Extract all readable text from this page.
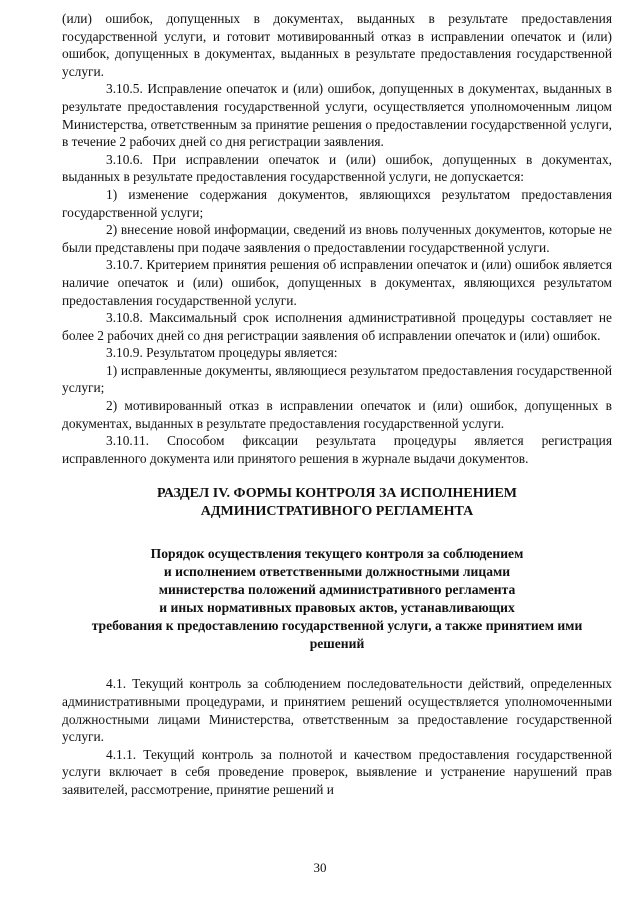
(или) ошибок, допущенных в документах, выданных в результате предоставления государственной услуги, и готовит мотивированный отказ в исправлении опечаток и (или) ошибок, допущенных в документах, выданных в результате предоставления государственной услуги.

3.10.5. Исправление опечаток и (или) ошибок, допущенных в документах, выданных в результате предоставления государственной услуги, осуществляется уполномоченным лицом Министерства, ответственным за принятие решения о предоставлении государственной услуги, в течение 2 рабочих дней со дня регистрации заявления.

3.10.6. При исправлении опечаток и (или) ошибок, допущенных в документах, выданных в результате предоставления государственной услуги, не допускается:

1) изменение содержания документов, являющихся результатом предоставления государственной услуги;

2) внесение новой информации, сведений из вновь полученных документов, которые не были представлены при подаче заявления о предоставлении государственной услуги.

3.10.7. Критерием принятия решения об исправлении опечаток и (или) ошибок является наличие опечаток и (или) ошибок, допущенных в документах, являющихся результатом предоставления государственной услуги.

3.10.8. Максимальный срок исполнения административной процедуры составляет не более 2 рабочих дней со дня регистрации заявления об исправлении опечаток и (или) ошибок.

3.10.9. Результатом процедуры является:

1) исправленные документы, являющиеся результатом предоставления государственной услуги;

2) мотивированный отказ в исправлении опечаток и (или) ошибок, допущенных в документах, выданных в результате предоставления государственной услуги.

3.10.11. Способом фиксации результата процедуры является регистрация исправленного документа или принятого решения в журнале выдачи документов.

РАЗДЕЛ IV. ФОРМЫ КОНТРОЛЯ ЗА ИСПОЛНЕНИЕМ
АДМИНИСТРАТИВНОГО РЕГЛАМЕНТА
Порядок осуществления текущего контроля за соблюдением
и исполнением ответственными должностными лицами
министерства положений административного регламента
и иных нормативных правовых актов, устанавливающих
требования к предоставлению государственной услуги, а также принятием ими
решений

4.1. Текущий контроль за соблюдением последовательности действий, определенных административными процедурами, и принятием решений осуществляется уполномоченными должностными лицами Министерства, ответственным за предоставление государственной услуги.

4.1.1. Текущий контроль за полнотой и качеством предоставления государственной услуги включает в себя проведение проверок, выявление и устранение нарушений прав заявителей, рассмотрение, принятие решений и

30
